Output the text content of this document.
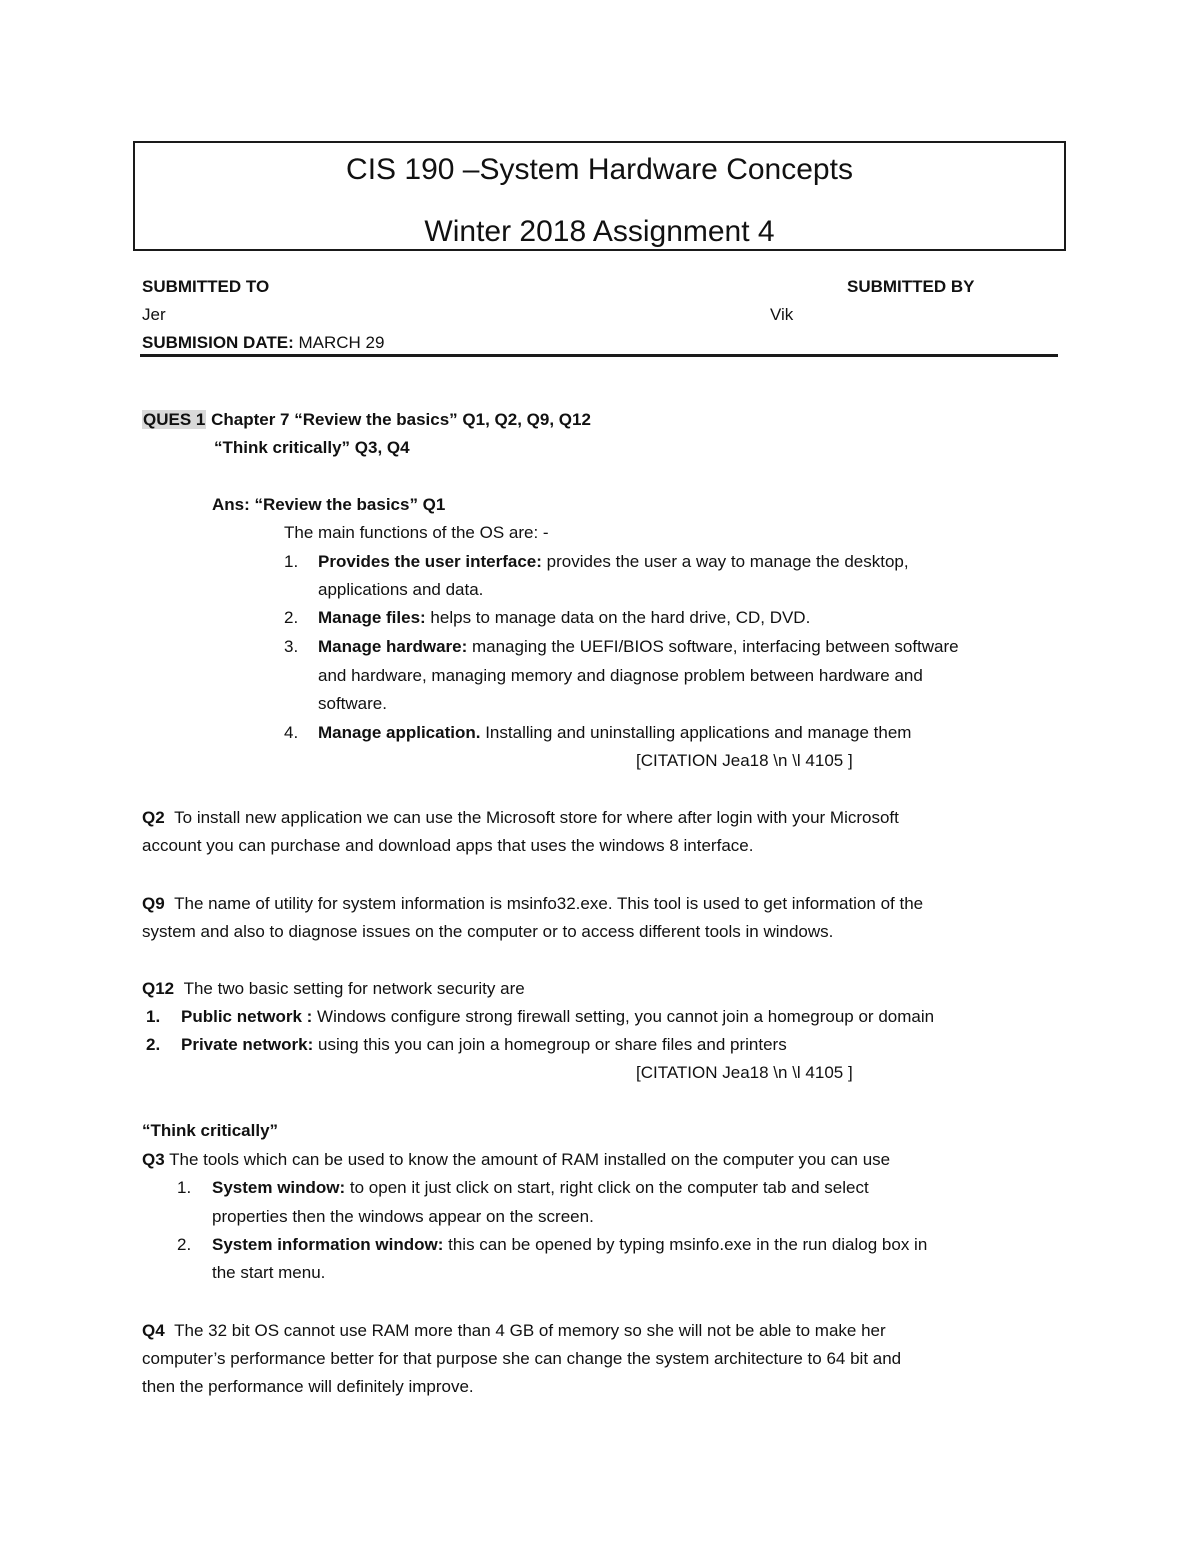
CIS 190 –System Hardware Concepts
Winter 2018 Assignment 4
SUBMITTED TO	SUBMITTED BY
Jer	Vik
SUBMISION DATE: MARCH 29
QUES 1 Chapter 7 “Review the basics” Q1, Q2, Q9, Q12
“Think critically” Q3, Q4
Ans: “Review the basics” Q1
The main functions of the OS are: -
1. Provides the user interface: provides the user a way to manage the desktop,
applications and data.
2. Manage files: helps to manage data on the hard drive, CD, DVD.
3. Manage hardware: managing the UEFI/BIOS software, interfacing between software
and hardware, managing memory and diagnose problem between hardware and
software.
4. Manage application. Installing and uninstalling applications and manage them
[CITATION Jea18 \n \l 4105 ]
Q2 To install new application we can use the Microsoft store for where after login with your Microsoft
account you can purchase and download apps that uses the windows 8 interface.
Q9 The name of utility for system information is msinfo32.exe. This tool is used to get information of the
system and also to diagnose issues on the computer or to access different tools in windows.
Q12 The two basic setting for network security are
1. Public network : Windows configure strong firewall setting, you cannot join a homegroup or domain
2. Private network: using this you can join a homegroup or share files and printers
[CITATION Jea18 \n \l 4105 ]
“Think critically”
Q3 The tools which can be used to know the amount of RAM installed on the computer you can use
1. System window: to open it just click on start, right click on the computer tab and select
properties then the windows appear on the screen.
2. System information window: this can be opened by typing msinfo.exe in the run dialog box in
the start menu.
Q4 The 32 bit OS cannot use RAM more than 4 GB of memory so she will not be able to make her
computer’s performance better for that purpose she can change the system architecture to 64 bit and
then the performance will definitely improve.
